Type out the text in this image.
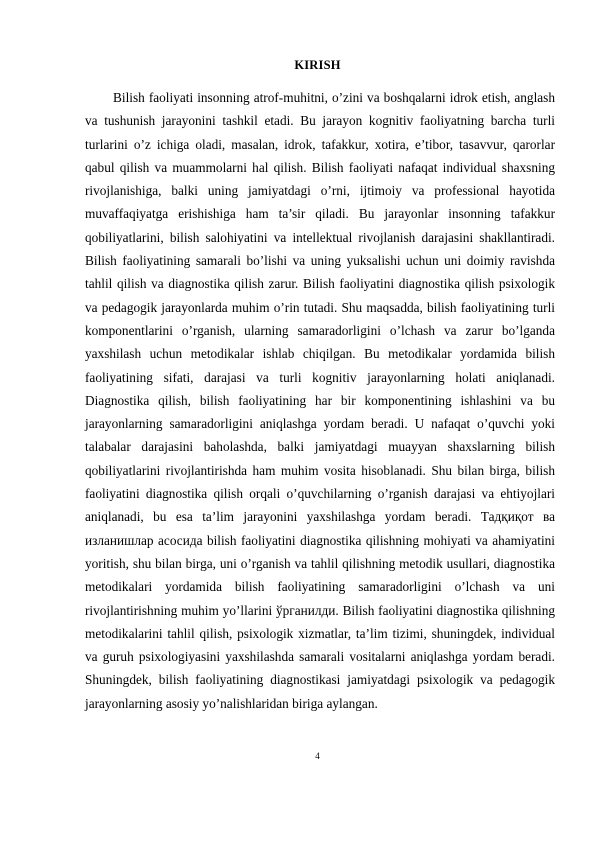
KIRISH

Bilish faoliyati insonning atrof-muhitni, o’zini va boshqalarni idrok etish, anglash va tushunish jarayonini tashkil etadi. Bu jarayon kognitiv faoliyatning barcha turli turlarini o’z ichiga oladi, masalan, idrok, tafakkur, xotira, e’tibor, tasavvur, qarorlar qabul qilish va muammolarni hal qilish. Bilish faoliyati nafaqat individual shaxsning rivojlanishiga, balki uning jamiyatdagi o’rni, ijtimoiy va professional hayotida muvaffaqiyatga erishishiga ham ta’sir qiladi. Bu jarayonlar insonning tafakkur qobiliyatlarini, bilish salohiyatini va intellektual rivojlanish darajasini shakllantiradi. Bilish faoliyatining samarali bo’lishi va uning yuksalishi uchun uni doimiy ravishda tahlil qilish va diagnostika qilish zarur. Bilish faoliyatini diagnostika qilish psixologik va pedagogik jarayonlarda muhim o’rin tutadi. Shu maqsadda, bilish faoliyatining turli komponentlarini o’rganish, ularning samaradorligini o’lchash va zarur bo’lganda yaxshilash uchun metodikalar ishlab chiqilgan. Bu metodikalar yordamida bilish faoliyatining sifati, darajasi va turli kognitiv jarayonlarning holati aniqlanadi. Diagnostika qilish, bilish faoliyatining har bir komponentining ishlashini va bu jarayonlarning samaradorligini aniqlashga yordam beradi. U nafaqat o’quvchi yoki talabalar darajasini baholashda, balki jamiyatdagi muayyan shaxslarning bilish qobiliyatlarini rivojlantirishda ham muhim vosita hisoblanadi. Shu bilan birga, bilish faoliyatini diagnostika qilish orqali o’quvchilarning o’rganish darajasi va ehtiyojlari aniqlanadi, bu esa ta’lim jarayonini yaxshilashga yordam beradi. Тадқиқот ва изланишлар асосида bilish faoliyatini diagnostika qilishning mohiyati va ahamiyatini yoritish, shu bilan birga, uni o’rganish va tahlil qilishning metodik usullari, diagnostika metodikalari yordamida bilish faoliyatining samaradorligini o’lchash va uni rivojlantirishning muhim yo’llarini ўрганилди. Bilish faoliyatini diagnostika qilishning metodikalarini tahlil qilish, psixologik xizmatlar, ta’lim tizimi, shuningdek, individual va guruh psixologiyasini yaxshilashda samarali vositalarni aniqlashga yordam beradi. Shuningdek, bilish faoliyatining diagnostikasi jamiyatdagi psixologik va pedagogik jarayonlarning asosiy yo’nalishlaridan biriga aylangan.

4
